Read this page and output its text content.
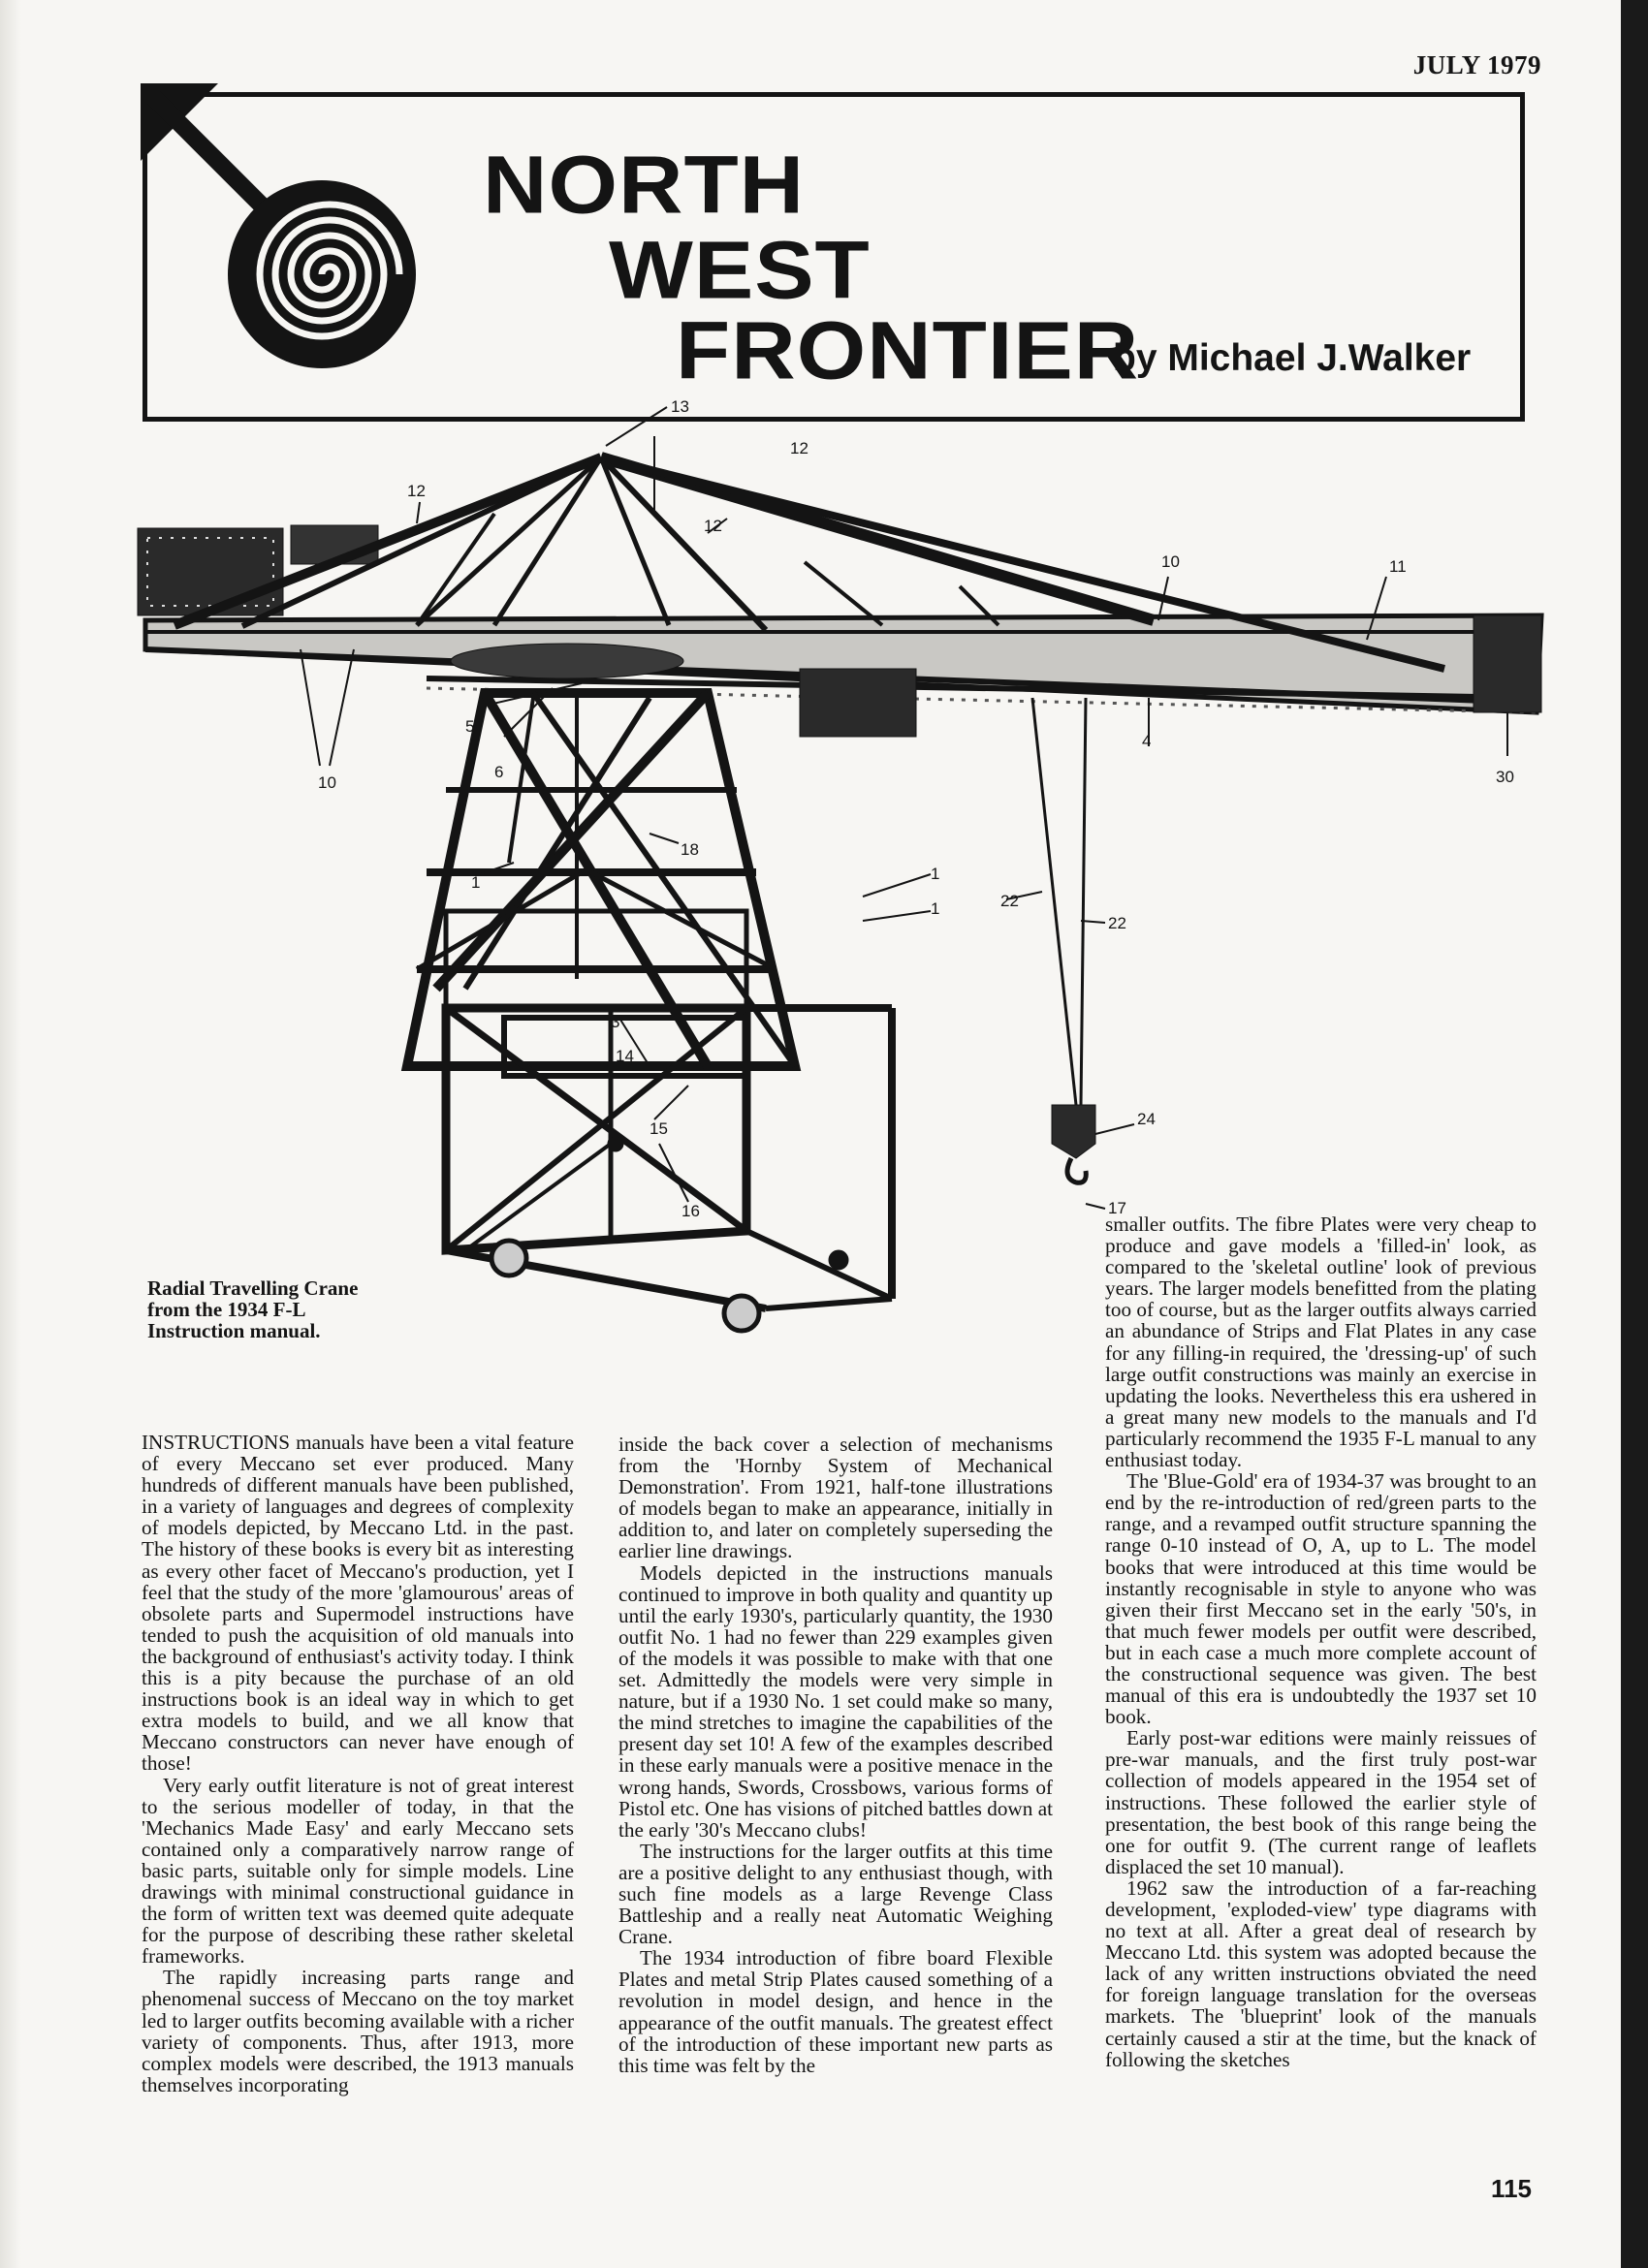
JULY 1979
NORTH
WEST
FRONTIER
by Michael J.Walker
13
12
12
12
10	11
10
5
6
4
30
18
1	1
1	22
22
3
14
15
16
24
17
Radial Travelling Crane from the 1934 F-L Instruction manual.

INSTRUCTIONS manuals have been a vital feature of every Meccano set ever produced. Many hundreds of different manuals have been published, in a variety of languages and degrees of complexity of models depicted, by Meccano Ltd. in the past. The history of these books is every bit as interesting as every other facet of Meccano's production, yet I feel that the study of the more 'glamourous' areas of obsolete parts and Supermodel instructions have tended to push the acquisition of old manuals into the background of enthusiast's activity today. I think this is a pity because the purchase of an old instructions book is an ideal way in which to get extra models to build, and we all know that Meccano constructors can never have enough of those!

Very early outfit literature is not of great interest to the serious modeller of today, in that the 'Mechanics Made Easy' and early Meccano sets contained only a comparatively narrow range of basic parts, suitable only for simple models. Line drawings with minimal constructional guidance in the form of written text was deemed quite adequate for the purpose of describing these rather skeletal frameworks.

The rapidly increasing parts range and phenomenal success of Meccano on the toy market led to larger outfits becoming available with a richer variety of components. Thus, after 1913, more complex models were described, the 1913 manuals themselves incorporating

inside the back cover a selection of mechanisms from the 'Hornby System of Mechanical Demonstration'. From 1921, half-tone illustrations of models began to make an appearance, initially in addition to, and later on completely superseding the earlier line drawings.

Models depicted in the instructions manuals continued to improve in both quality and quantity up until the early 1930's, particularly quantity, the 1930 outfit No. 1 had no fewer than 229 examples given of the models it was possible to make with that one set. Admittedly the models were very simple in nature, but if a 1930 No. 1 set could make so many, the mind stretches to imagine the capabilities of the present day set 10! A few of the examples described in these early manuals were a positive menace in the wrong hands, Swords, Crossbows, various forms of Pistol etc. One has visions of pitched battles down at the early '30's Meccano clubs!

The instructions for the larger outfits at this time are a positive delight to any enthusiast though, with such fine models as a large Revenge Class Battleship and a really neat Automatic Weighing Crane.

The 1934 introduction of fibre board Flexible Plates and metal Strip Plates caused something of a revolution in model design, and hence in the appearance of the outfit manuals. The greatest effect of the introduction of these important new parts as this time was felt by the

smaller outfits. The fibre Plates were very cheap to produce and gave models a 'filled-in' look, as compared to the 'skeletal outline' look of previous years. The larger models benefitted from the plating too of course, but as the larger outfits always carried an abundance of Strips and Flat Plates in any case for any filling-in required, the 'dressing-up' of such large outfit constructions was mainly an exercise in updating the looks. Nevertheless this era ushered in a great many new models to the manuals and I'd particularly recommend the 1935 F-L manual to any enthusiast today.

The 'Blue-Gold' era of 1934-37 was brought to an end by the re-introduction of red/green parts to the range, and a revamped outfit structure spanning the range 0-10 instead of O, A, up to L. The model books that were introduced at this time would be instantly recognisable in style to anyone who was given their first Meccano set in the early '50's, in that much fewer models per outfit were described, but in each case a much more complete account of the constructional sequence was given. The best manual of this era is undoubtedly the 1937 set 10 book.

Early post-war editions were mainly reissues of pre-war manuals, and the first truly post-war collection of models appeared in the 1954 set of instructions. These followed the earlier style of presentation, the best book of this range being the one for outfit 9. (The current range of leaflets displaced the set 10 manual).

1962 saw the introduction of a far-reaching development, 'exploded-view' type diagrams with no text at all. After a great deal of research by Meccano Ltd. this system was adopted because the lack of any written instructions obviated the need for foreign language translation for the overseas markets. The 'blueprint' look of the manuals certainly caused a stir at the time, but the knack of following the sketches

115
